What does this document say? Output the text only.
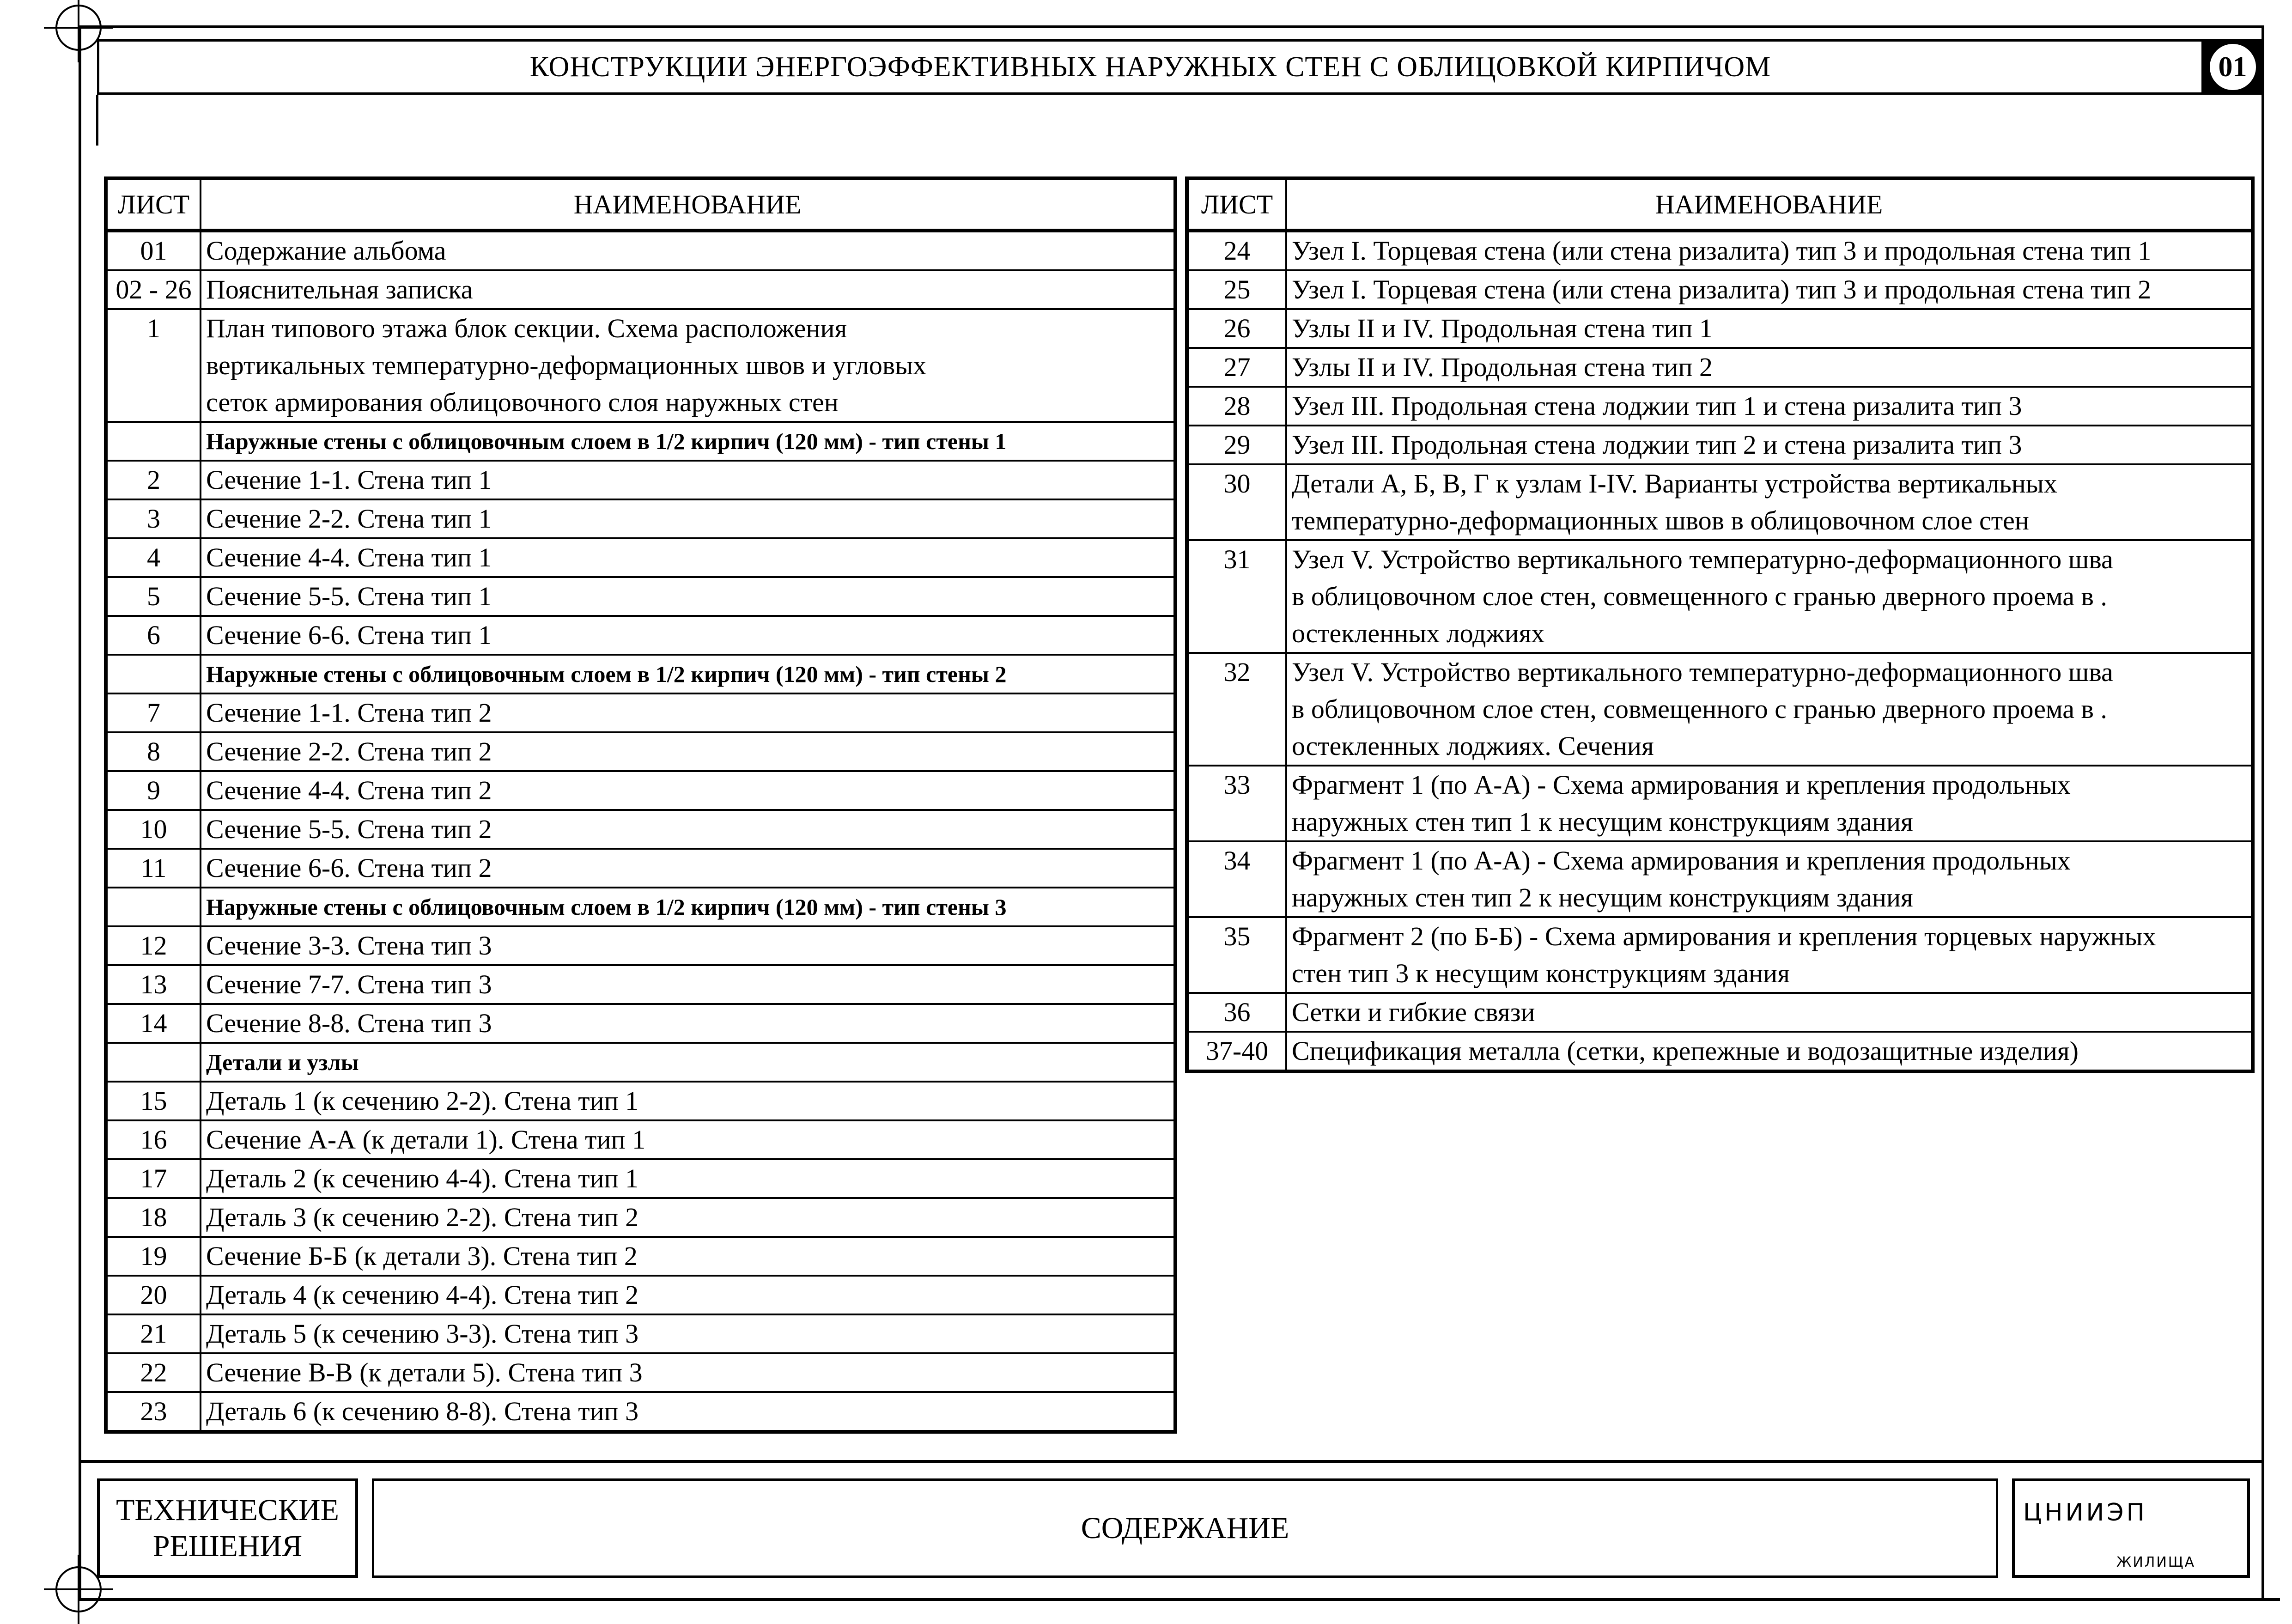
КОНСТРУКЦИИ ЭНЕРГОЭФФЕКТИВНЫХ НАРУЖНЫХ СТЕН С ОБЛИЦОВКОЙ КИРПИЧОМ	01
ЛИСТ	НАИМЕНОВАНИЕ
01	Содержание альбома

02 - 26	Пояснительная записка

1	План типового этажа блок секции. Схема расположения
вертикальных температурно-деформационных швов и угловых
сеток армирования облицовочного слоя наружных стен

	Наружные стены с облицовочным слоем в 1/2 кирпич (120 мм) - тип стены 1

2	Сечение 1-1. Стена тип 1

3	Сечение 2-2. Стена тип 1

4	Сечение 4-4. Стена тип 1

5	Сечение 5-5. Стена тип 1

6	Сечение 6-6. Стена тип 1

	Наружные стены с облицовочным слоем в 1/2 кирпич (120 мм) - тип стены 2

7	Сечение 1-1. Стена тип 2

8	Сечение 2-2. Стена тип 2

9	Сечение 4-4. Стена тип 2

10	Сечение 5-5. Стена тип 2

11	Сечение 6-6. Стена тип 2

	Наружные стены с облицовочным слоем в 1/2 кирпич (120 мм) - тип стены 3

12	Сечение 3-3. Стена тип 3

13	Сечение 7-7. Стена тип 3

14	Сечение 8-8. Стена тип 3

	Детали и узлы

15	Деталь 1 (к сечению 2-2). Стена тип 1

16	Сечение А-А (к детали 1). Стена тип 1

17	Деталь 2 (к сечению 4-4). Стена тип 1

18	Деталь 3 (к сечению 2-2). Стена тип 2

19	Сечение Б-Б (к детали 3). Стена тип 2

20	Деталь 4 (к сечению 4-4). Стена тип 2

21	Деталь 5 (к сечению 3-3). Стена тип 3

22	Сечение В-В (к детали 5). Стена тип 3

23	Деталь 6 (к сечению 8-8). Стена тип 3
ЛИСТ	НАИМЕНОВАНИЕ
24	Узел I. Торцевая стена (или стена ризалита) тип 3 и продольная стена тип 1

25	Узел I. Торцевая стена (или стена ризалита) тип 3 и продольная стена тип 2

26	Узлы II и IV. Продольная стена тип 1

27	Узлы II и IV. Продольная стена тип 2

28	Узел III. Продольная стена лоджии тип 1 и стена ризалита тип 3

29	Узел III. Продольная стена лоджии тип 2 и стена ризалита тип 3

30	Детали А, Б, В, Г к узлам I-IV. Варианты устройства вертикальных
температурно-деформационных швов в облицовочном слое стен

31	Узел V. Устройство вертикального температурно-деформационного шва
в облицовочном слое стен, совмещенного с гранью дверного проема в .
остекленных лоджиях

32	Узел V. Устройство вертикального температурно-деформационного шва
в облицовочном слое стен, совмещенного с гранью дверного проема в .
остекленных лоджиях. Сечения

33	Фрагмент 1 (по А-А) - Схема армирования и крепления продольных
наружных стен тип 1 к несущим конструкциям здания

34	Фрагмент 1 (по А-А) - Схема армирования и крепления продольных
наружных стен тип 2 к несущим конструкциям здания

35	Фрагмент 2 (по Б-Б) - Схема армирования и крепления торцевых наружных
стен тип 3 к несущим конструкциям здания

36	Сетки и гибкие связи

37-40	Спецификация металла (сетки, крепежные и водозащитные изделия)
ТЕХНИЧЕСКИЕ
РЕШЕНИЯ
СОДЕРЖАНИЕ	ЦНИИЭП
ЖИЛИЩА
